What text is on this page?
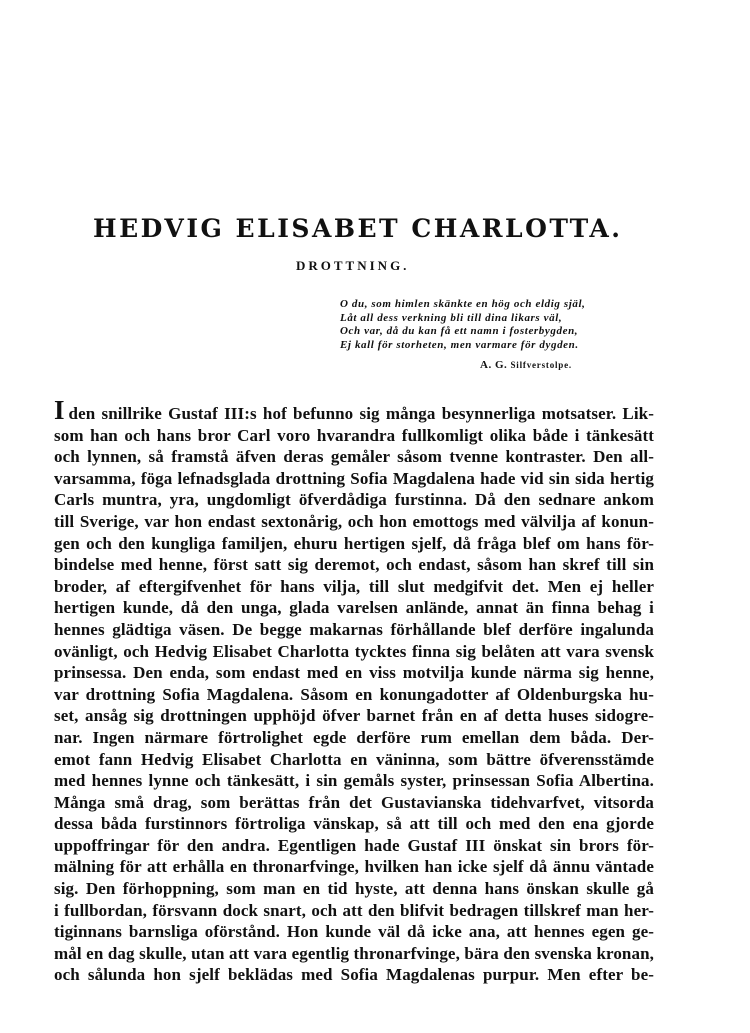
HEDVIG ELISABET CHARLOTTA.
DROTTNING.
O du, som himlen skänkte en hög och eldig själ,
Låt all dess verkning bli till dina likars väl,
Och var, då du kan få ett namn i fosterbygden,
Ej kall för storheten, men varmare för dygden.
A. G. Silfverstolpe.
Iden snillrike Gustaf III:s hof befunno sig många besynnerliga motsatser. Lik-
som han och hans bror Carl voro hvarandra fullkomligt olika både i tänkesätt
och lynnen, så framstå äfven deras gemåler såsom tvenne kontraster. Den all-
varsamma, föga lefnadsglada drottning Sofia Magdalena hade vid sin sida hertig
Carls muntra, yra, ungdomligt öfverdådiga furstinna. Då den sednare ankom
till Sverige, var hon endast sextonårig, och hon emottogs med välvilja af konun-
gen och den kungliga familjen, ehuru hertigen sjelf, då fråga blef om hans för-
bindelse med henne, först satt sig deremot, och endast, såsom han skref till sin
broder, af eftergifvenhet för hans vilja, till slut medgifvit det. Men ej heller
hertigen kunde, då den unga, glada varelsen anlände, annat än finna behag i
hennes glädtiga väsen. De begge makarnas förhållande blef derföre ingalunda
ovänligt, och Hedvig Elisabet Charlotta tycktes finna sig belåten att vara svensk
prinsessa. Den enda, som endast med en viss motvilja kunde närma sig henne,
var drottning Sofia Magdalena. Såsom en konungadotter af Oldenburgska hu-
set, ansåg sig drottningen upphöjd öfver barnet från en af detta huses sidogre-
nar. Ingen närmare förtrolighet egde derföre rum emellan dem båda. Der-
emot fann Hedvig Elisabet Charlotta en väninna, som bättre öfverensstämde
med hennes lynne och tänkesätt, i sin gemåls syster, prinsessan Sofia Albertina.
Många små drag, som berättas från det Gustavianska tidehvarfvet, vitsorda
dessa båda furstinnors förtroliga vänskap, så att till och med den ena gjorde
uppoffringar för den andra. Egentligen hade Gustaf III önskat sin brors för-
mälning för att erhålla en thronarfvinge, hvilken han icke sjelf då ännu väntade
sig. Den förhoppning, som man en tid hyste, att denna hans önskan skulle gå
i fullbordan, försvann dock snart, och att den blifvit bedragen tillskref man her-
tiginnans barnsliga oförstånd. Hon kunde väl då icke ana, att hennes egen ge-
mål en dag skulle, utan att vara egentlig thronarfvinge, bära den svenska kronan,
och sålunda hon sjelf beklädas med Sofia Magdalenas purpur. Men efter be-
